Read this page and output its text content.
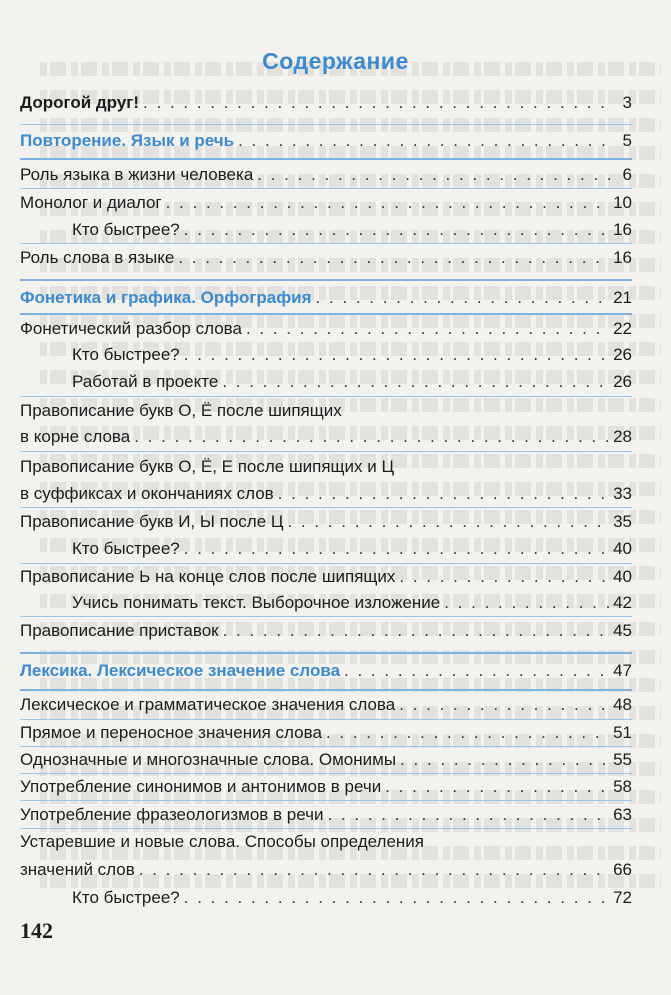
Содержание
Дорогой друг! . . .	3
Повторение. Язык и речь . . .	5
Роль языка в жизни человека . . .	6
Монолог и диалог . . .	10
Кто быстрее? . . .	16
Роль слова в языке . . .	16
Фонетика и графика. Орфография . . .	21
Фонетический разбор слова . . .	22
Кто быстрее? . . .	26
Работай в проекте . . .	26
Правописание букв О, Ё после шипящих
в корне слова . . .	28
Правописание букв О, Ё, Е после шипящих и Ц
в суффиксах и окончаниях слов . . .	33
Правописание букв И, Ы после Ц . . .	35
Кто быстрее? . . .	40
Правописание Ь на конце слов после шипящих . . .	40
Учись понимать текст. Выборочное изложение . . .	42
Правописание приставок . . .	45
Лексика. Лексическое значение слова . . .	47
Лексическое и грамматическое значения слова . . .	48
Прямое и переносное значения слова . . .	51
Однозначные и многозначные слова. Омонимы . . .	55
Употребление синонимов и антонимов в речи . . .	58
Употребление фразеологизмов в речи . . .	63
Устаревшие и новые слова. Способы определения
значений слов . . .	66
Кто быстрее? . . .	72
142
